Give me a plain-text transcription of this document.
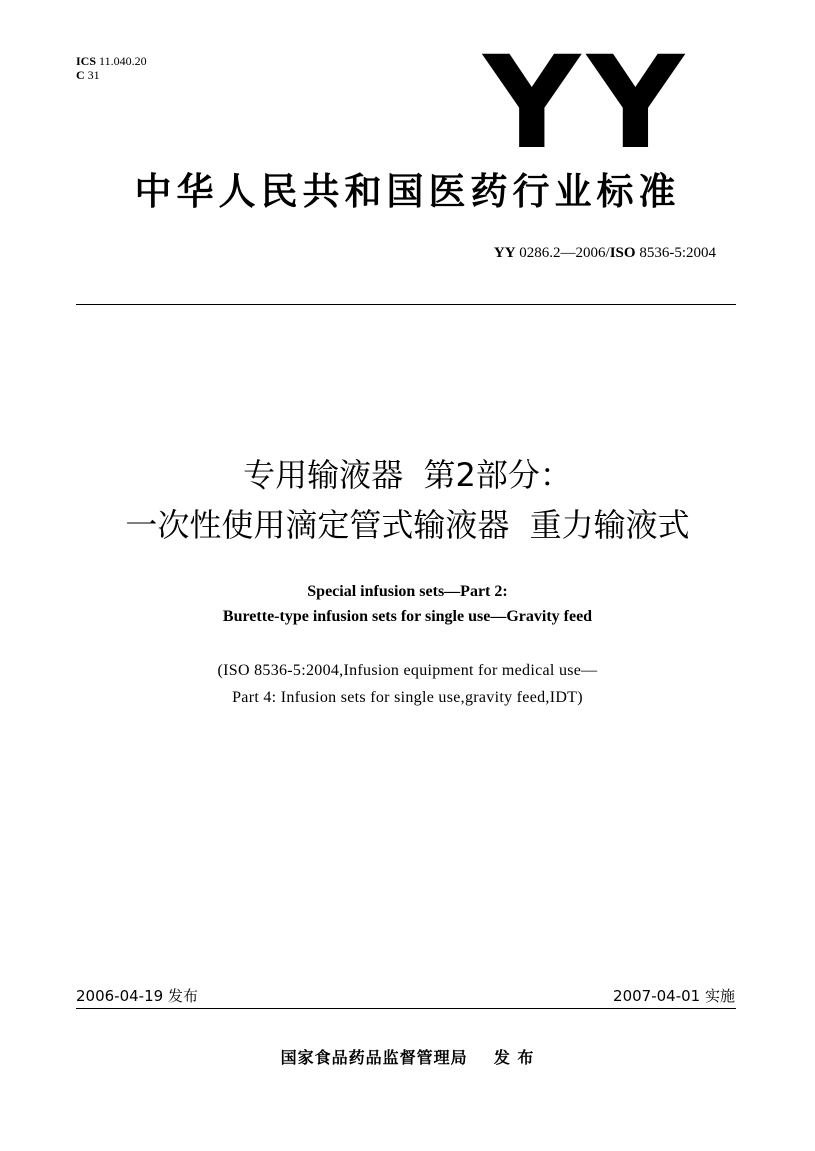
ICS 11.040.20
C 31	YY
中华人民共和国医药行业标准
YY 0286.2—2006/ISO 8536-5:2004
专用输液器  第2部分：
一次性使用滴定管式输液器  重力输液式
Special infusion sets—Part 2:
Burette-type infusion sets for single use—Gravity feed
(ISO 8536-5:2004,Infusion equipment for medical use—
Part 4: Infusion sets for single use,gravity feed,IDT)
2006-04-19 发布	2007-04-01 实施
国家食品药品监督管理局    发 布
